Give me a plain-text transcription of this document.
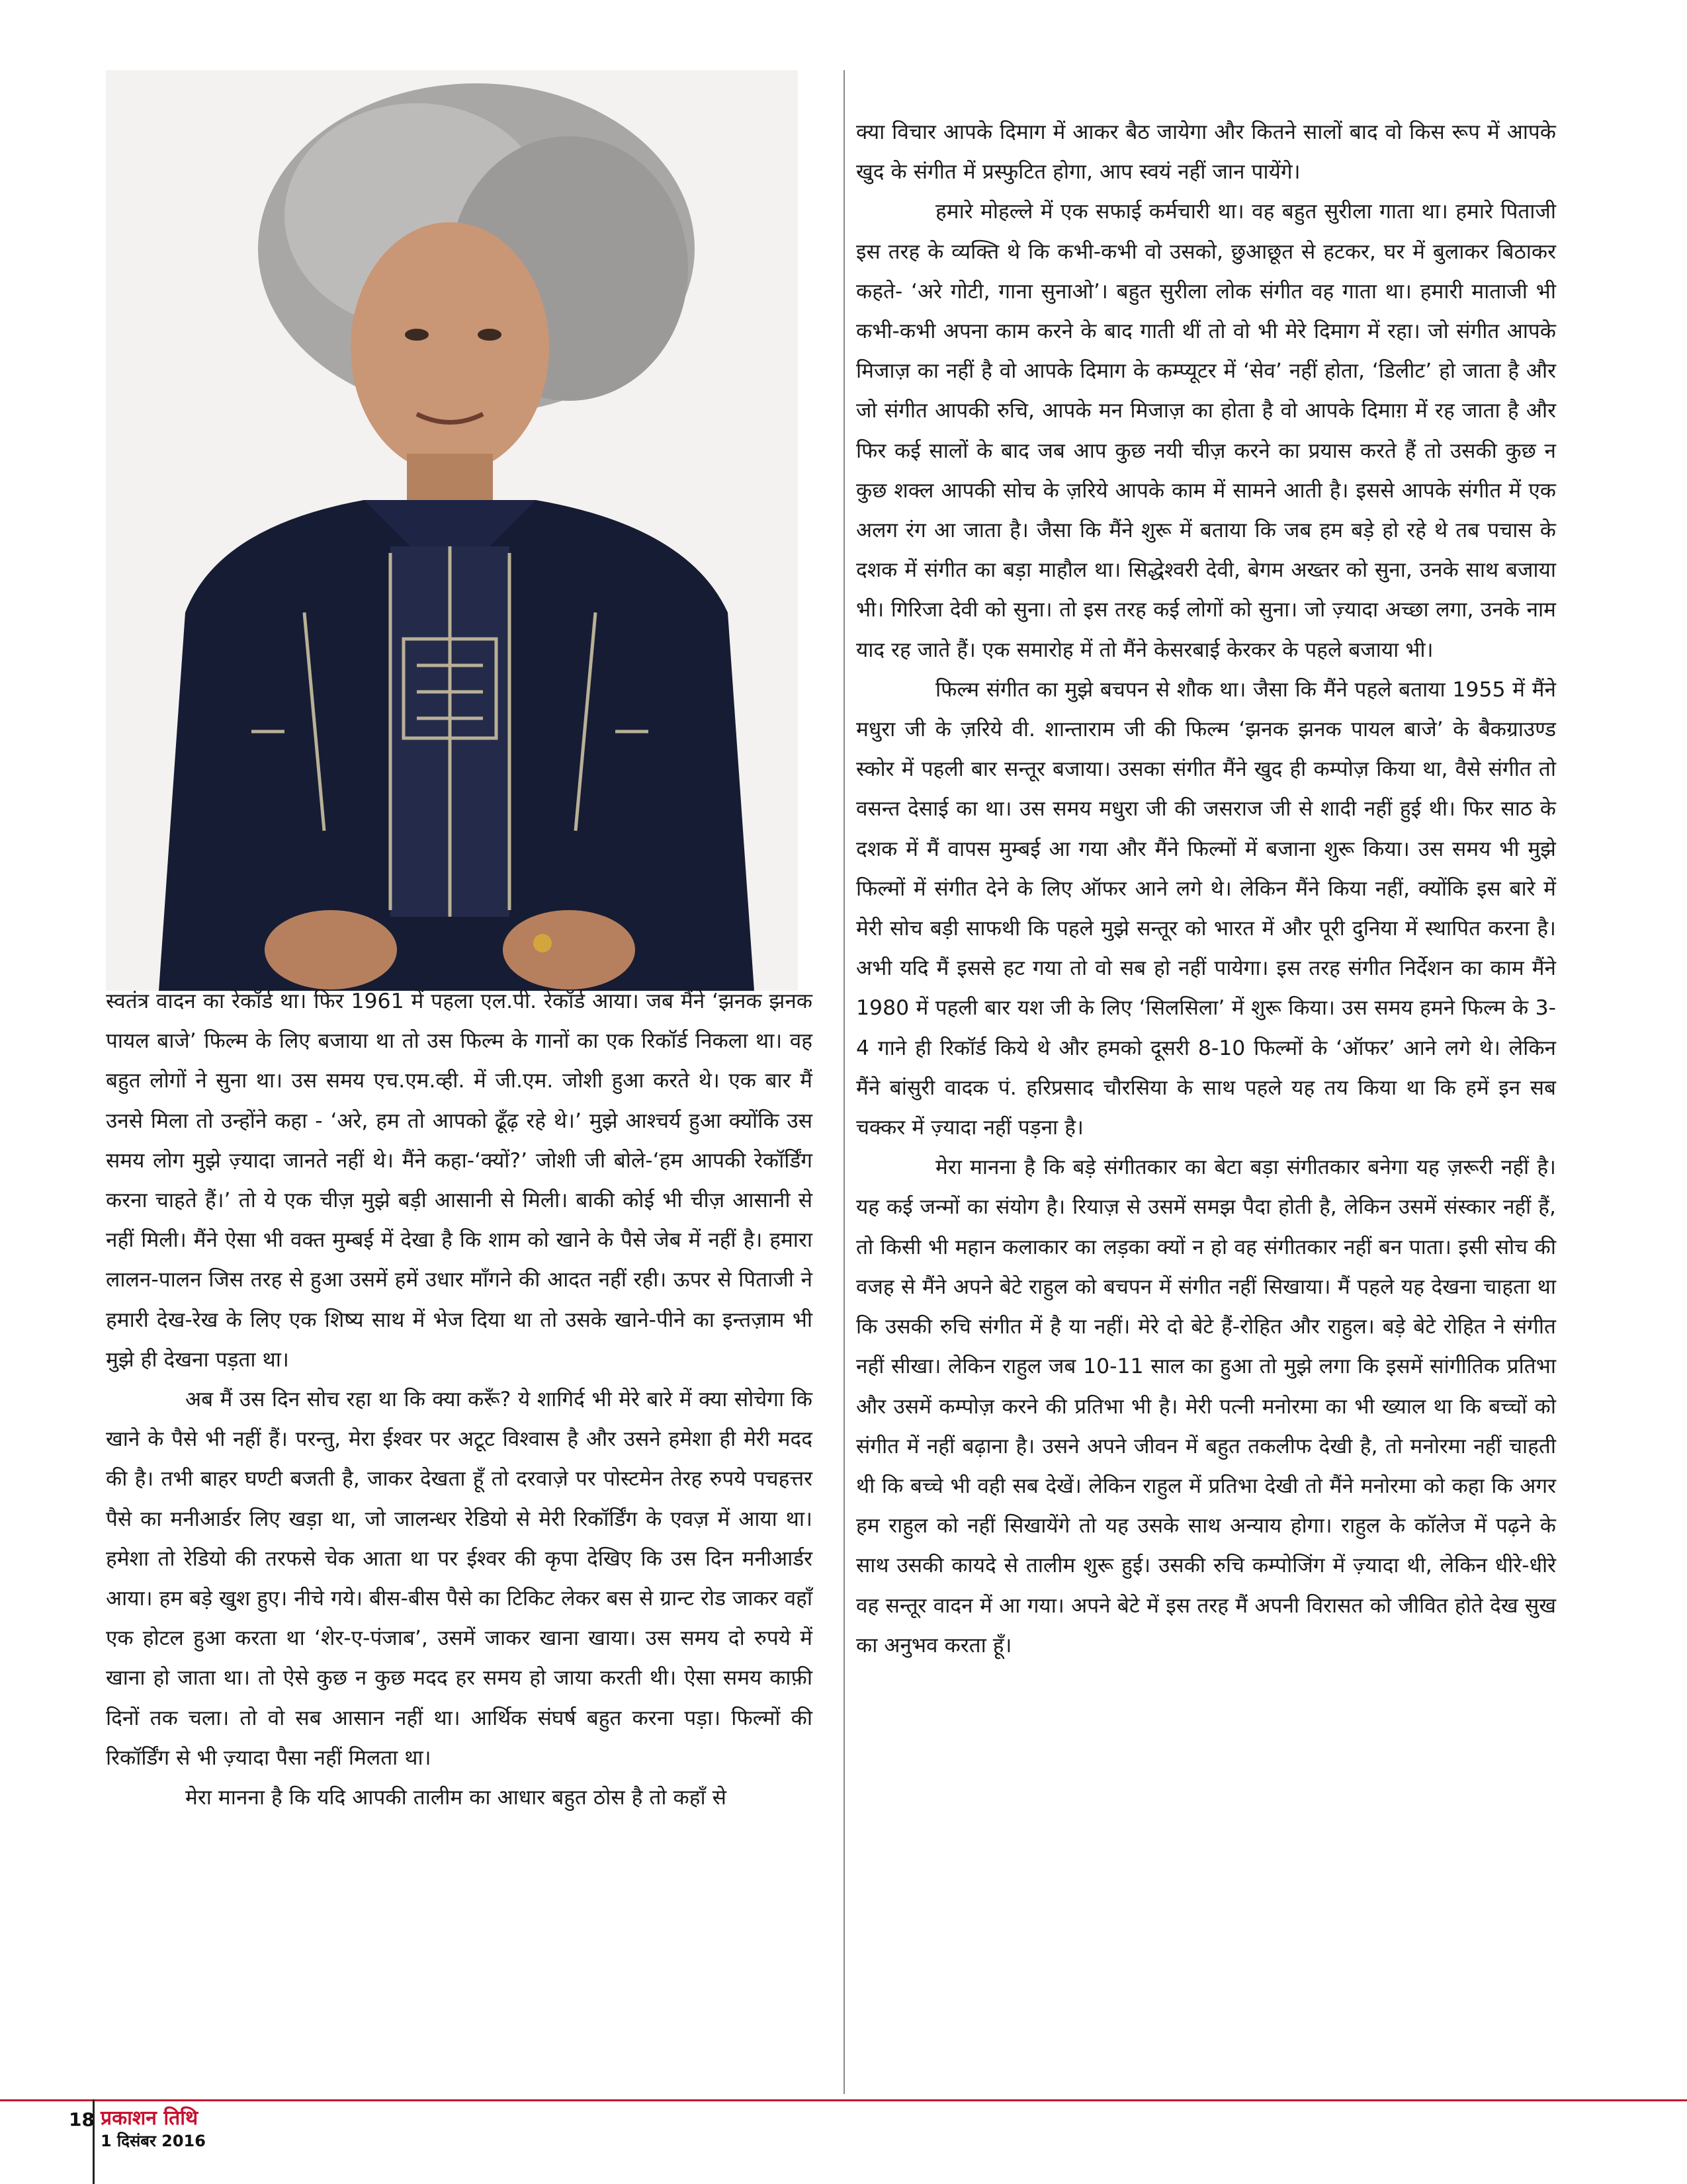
स्वतंत्र वादन का रेकॉर्ड था। फिर 1961 में पहला एल.पी. रेकॉर्ड आया। जब मैंने ‘झनक झनक पायल बाजे’ फिल्म के लिए बजाया था तो उस फिल्म के गानों का एक रिकॉर्ड निकला था। वह बहुत लोगों ने सुना था। उस समय एच.एम.व्ही. में जी.एम. जोशी हुआ करते थे। एक बार मैं उनसे मिला तो उन्होंने कहा - ‘अरे, हम तो आपको ढूँढ़ रहे थे।’ मुझे आश्चर्य हुआ क्योंकि उस समय लोग मुझे ज़्यादा जानते नहीं थे। मैंने कहा-‘क्यों?’ जोशी जी बोले-‘हम आपकी रेकॉर्डिंग करना चाहते हैं।’ तो ये एक चीज़ मुझे बड़ी आसानी से मिली। बाकी कोई भी चीज़ आसानी से नहीं मिली। मैंने ऐसा भी वक्त मुम्बई में देखा है कि शाम को खाने के पैसे जेब में नहीं है। हमारा लालन-पालन जिस तरह से हुआ उसमें हमें उधार माँगने की आदत नहीं रही। ऊपर से पिताजी ने हमारी देख-रेख के लिए एक शिष्य साथ में भेज दिया था तो उसके खाने-पीने का इन्तज़ाम भी मुझे ही देखना पड़ता था।

अब मैं उस दिन सोच रहा था कि क्या करूँ? ये शागिर्द भी मेरे बारे में क्या सोचेगा कि खाने के पैसे भी नहीं हैं। परन्तु, मेरा ईश्वर पर अटूट विश्वास है और उसने हमेशा ही मेरी मदद की है। तभी बाहर घण्टी बजती है, जाकर देखता हूँ तो दरवाज़े पर पोस्टमेन तेरह रुपये पचहत्तर पैसे का मनीआर्डर लिए खड़ा था, जो जालन्धर रेडियो से मेरी रिकॉर्डिंग के एवज़ में आया था। हमेशा तो रेडियो की तरफसे चेक आता था पर ईश्वर की कृपा देखिए कि उस दिन मनीआर्डर आया। हम बड़े खुश हुए। नीचे गये। बीस-बीस पैसे का टिकिट लेकर बस से ग्रान्ट रोड जाकर वहाँ एक होटल हुआ करता था ‘शेर-ए-पंजाब’, उसमें जाकर खाना खाया। उस समय दो रुपये में खाना हो जाता था। तो ऐसे कुछ न कुछ मदद हर समय हो जाया करती थी। ऐसा समय काफ़ी दिनों तक चला। तो वो सब आसान नहीं था। आर्थिक संघर्ष बहुत करना पड़ा। फिल्मों की रिकॉर्डिंग से भी ज़्यादा पैसा नहीं मिलता था।

मेरा मानना है कि यदि आपकी तालीम का आधार बहुत ठोस है तो कहाँ से

क्या विचार आपके दिमाग में आकर बैठ जायेगा और कितने सालों बाद वो किस रूप में आपके खुद के संगीत में प्रस्फुटित होगा, आप स्वयं नहीं जान पायेंगे।

हमारे मोहल्ले में एक सफाई कर्मचारी था। वह बहुत सुरीला गाता था। हमारे पिताजी इस तरह के व्यक्ति थे कि कभी-कभी वो उसको, छुआछूत से हटकर, घर में बुलाकर बिठाकर कहते- ‘अरे गोटी, गाना सुनाओ’। बहुत सुरीला लोक संगीत वह गाता था। हमारी माताजी भी कभी-कभी अपना काम करने के बाद गाती थीं तो वो भी मेरे दिमाग में रहा। जो संगीत आपके मिजाज़ का नहीं है वो आपके दिमाग के कम्प्यूटर में ‘सेव’ नहीं होता, ‘डिलीट’ हो जाता है और जो संगीत आपकी रुचि, आपके मन मिजाज़ का होता है वो आपके दिमाग़ में रह जाता है और फिर कई सालों के बाद जब आप कुछ नयी चीज़ करने का प्रयास करते हैं तो उसकी कुछ न कुछ शक्ल आपकी सोच के ज़रिये आपके काम में सामने आती है। इससे आपके संगीत में एक अलग रंग आ जाता है। जैसा कि मैंने शुरू में बताया कि जब हम बड़े हो रहे थे तब पचास के दशक में संगीत का बड़ा माहौल था। सिद्धेश्वरी देवी, बेगम अख्तर को सुना, उनके साथ बजाया भी। गिरिजा देवी को सुना। तो इस तरह कई लोगों को सुना। जो ज़्यादा अच्छा लगा, उनके नाम याद रह जाते हैं। एक समारोह में तो मैंने केसरबाई केरकर के पहले बजाया भी।

फिल्म संगीत का मुझे बचपन से शौक था। जैसा कि मैंने पहले बताया 1955 में मैंने मधुरा जी के ज़रिये वी. शान्ताराम जी की फिल्म ‘झनक झनक पायल बाजे’ के बैकग्राउण्ड स्कोर में पहली बार सन्तूर बजाया। उसका संगीत मैंने खुद ही कम्पोज़ किया था, वैसे संगीत तो वसन्त देसाई का था। उस समय मधुरा जी की जसराज जी से शादी नहीं हुई थी। फिर साठ के दशक में मैं वापस मुम्बई आ गया और मैंने फिल्मों में बजाना शुरू किया। उस समय भी मुझे फिल्मों में संगीत देने के लिए ऑफर आने लगे थे। लेकिन मैंने किया नहीं, क्योंकि इस बारे में मेरी सोच बड़ी साफथी कि पहले मुझे सन्तूर को भारत में और पूरी दुनिया में स्थापित करना है। अभी यदि मैं इससे हट गया तो वो सब हो नहीं पायेगा। इस तरह संगीत निर्देशन का काम मैंने 1980 में पहली बार यश जी के लिए ‘सिलसिला’ में शुरू किया। उस समय हमने फिल्म के 3-4 गाने ही रिकॉर्ड किये थे और हमको दूसरी 8-10 फिल्मों के ‘ऑफर’ आने लगे थे। लेकिन मैंने बांसुरी वादक पं. हरिप्रसाद चौरसिया के साथ पहले यह तय किया था कि हमें इन सब चक्कर में ज़्यादा नहीं पड़ना है।

मेरा मानना है कि बड़े संगीतकार का बेटा बड़ा संगीतकार बनेगा यह ज़रूरी नहीं है। यह कई जन्मों का संयोग है। रियाज़ से उसमें समझ पैदा होती है, लेकिन उसमें संस्कार नहीं हैं, तो किसी भी महान कलाकार का लड़का क्यों न हो वह संगीतकार नहीं बन पाता। इसी सोच की वजह से मैंने अपने बेटे राहुल को बचपन में संगीत नहीं सिखाया। मैं पहले यह देखना चाहता था कि उसकी रुचि संगीत में है या नहीं। मेरे दो बेटे हैं-रोहित और राहुल। बड़े बेटे रोहित ने संगीत नहीं सीखा। लेकिन राहुल जब 10-11 साल का हुआ तो मुझे लगा कि इसमें सांगीतिक प्रतिभा और उसमें कम्पोज़ करने की प्रतिभा भी है। मेरी पत्नी मनोरमा का भी ख्याल था कि बच्चों को संगीत में नहीं बढ़ाना है। उसने अपने जीवन में बहुत तकलीफ देखी है, तो मनोरमा नहीं चाहती थी कि बच्चे भी वही सब देखें। लेकिन राहुल में प्रतिभा देखी तो मैंने मनोरमा को कहा कि अगर हम राहुल को नहीं सिखायेंगे तो यह उसके साथ अन्याय होगा। राहुल के कॉलेज में पढ़ने के साथ उसकी कायदे से तालीम शुरू हुई। उसकी रुचि कम्पोजिंग में ज़्यादा थी, लेकिन धीरे-धीरे वह सन्तूर वादन में आ गया। अपने बेटे में इस तरह मैं अपनी विरासत को जीवित होते देख सुख का अनुभव करता हूँ।

18 प्रकाशन तिथि
1 दिसंबर 2016
